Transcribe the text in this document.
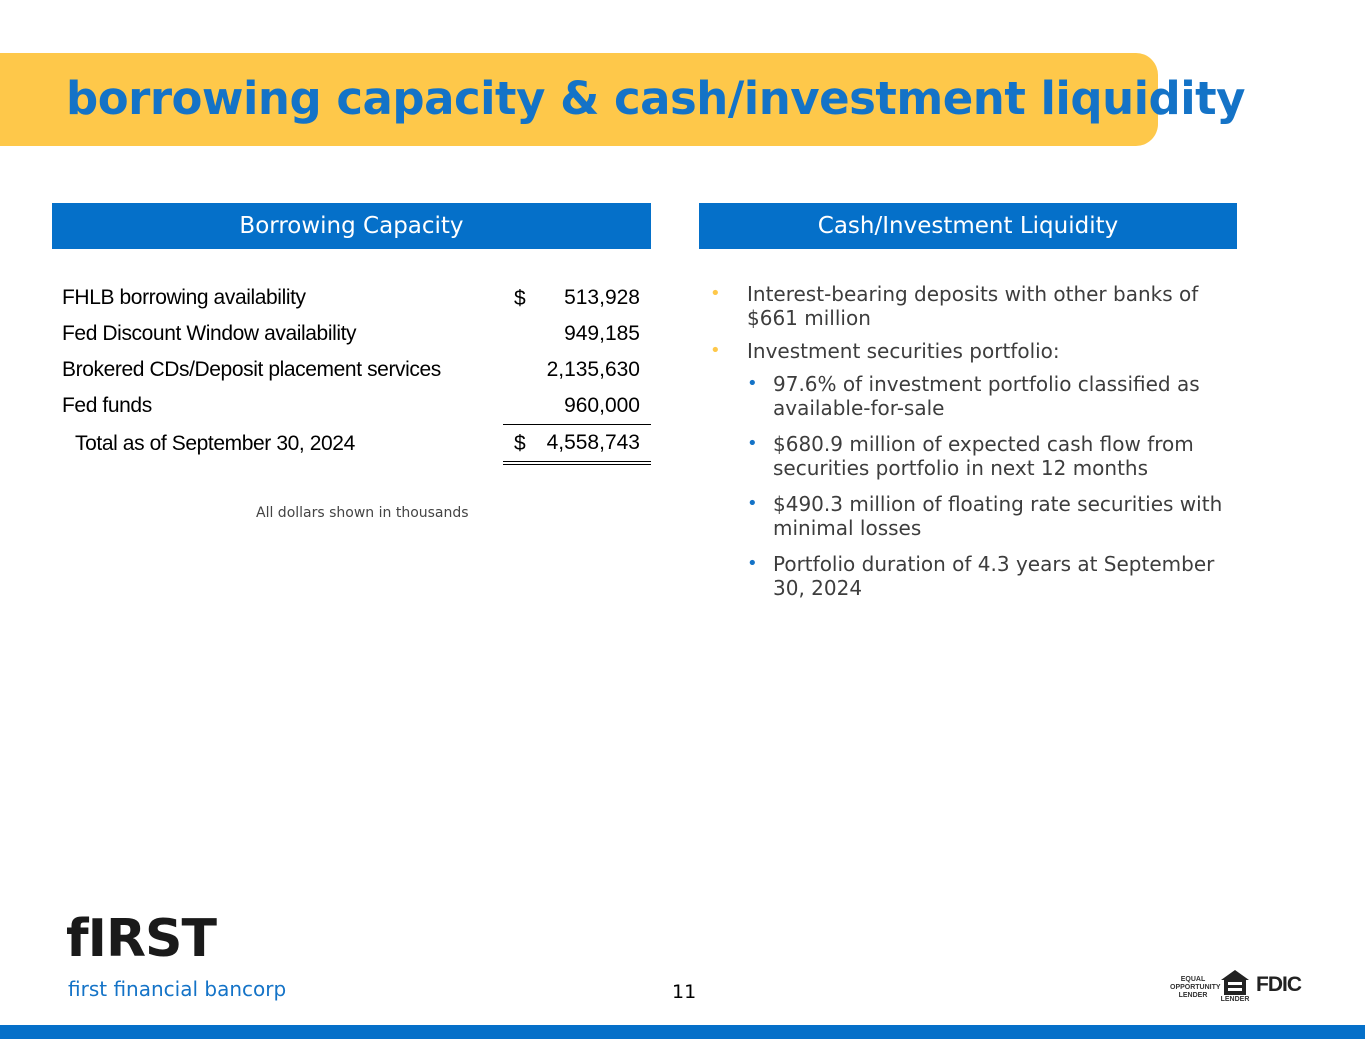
borrowing capacity & cash/investment liquidity
Borrowing Capacity	Cash/Investment Liquidity
FHLB borrowing availability	$ 513,928

Fed Discount Window availability	949,185

Brokered CDs/Deposit placement services	2,135,630

Fed funds	960,000

Total as of September 30, 2024	$ 4,558,743

All dollars shown in thousands

• Interest-bearing deposits with other banks of $661 million
• Investment securities portfolio:
• 97.6% of investment portfolio classified as available-for-sale
• $680.9 million of expected cash flow from securities portfolio in next 12 months
• $490.3 million of floating rate securities with minimal losses
• Portfolio duration of 4.3 years at September 30, 2024

fIRST

first financial bancorp	11

EQUAL
OPPORTUNITY
LENDER

LENDER

FDIC
